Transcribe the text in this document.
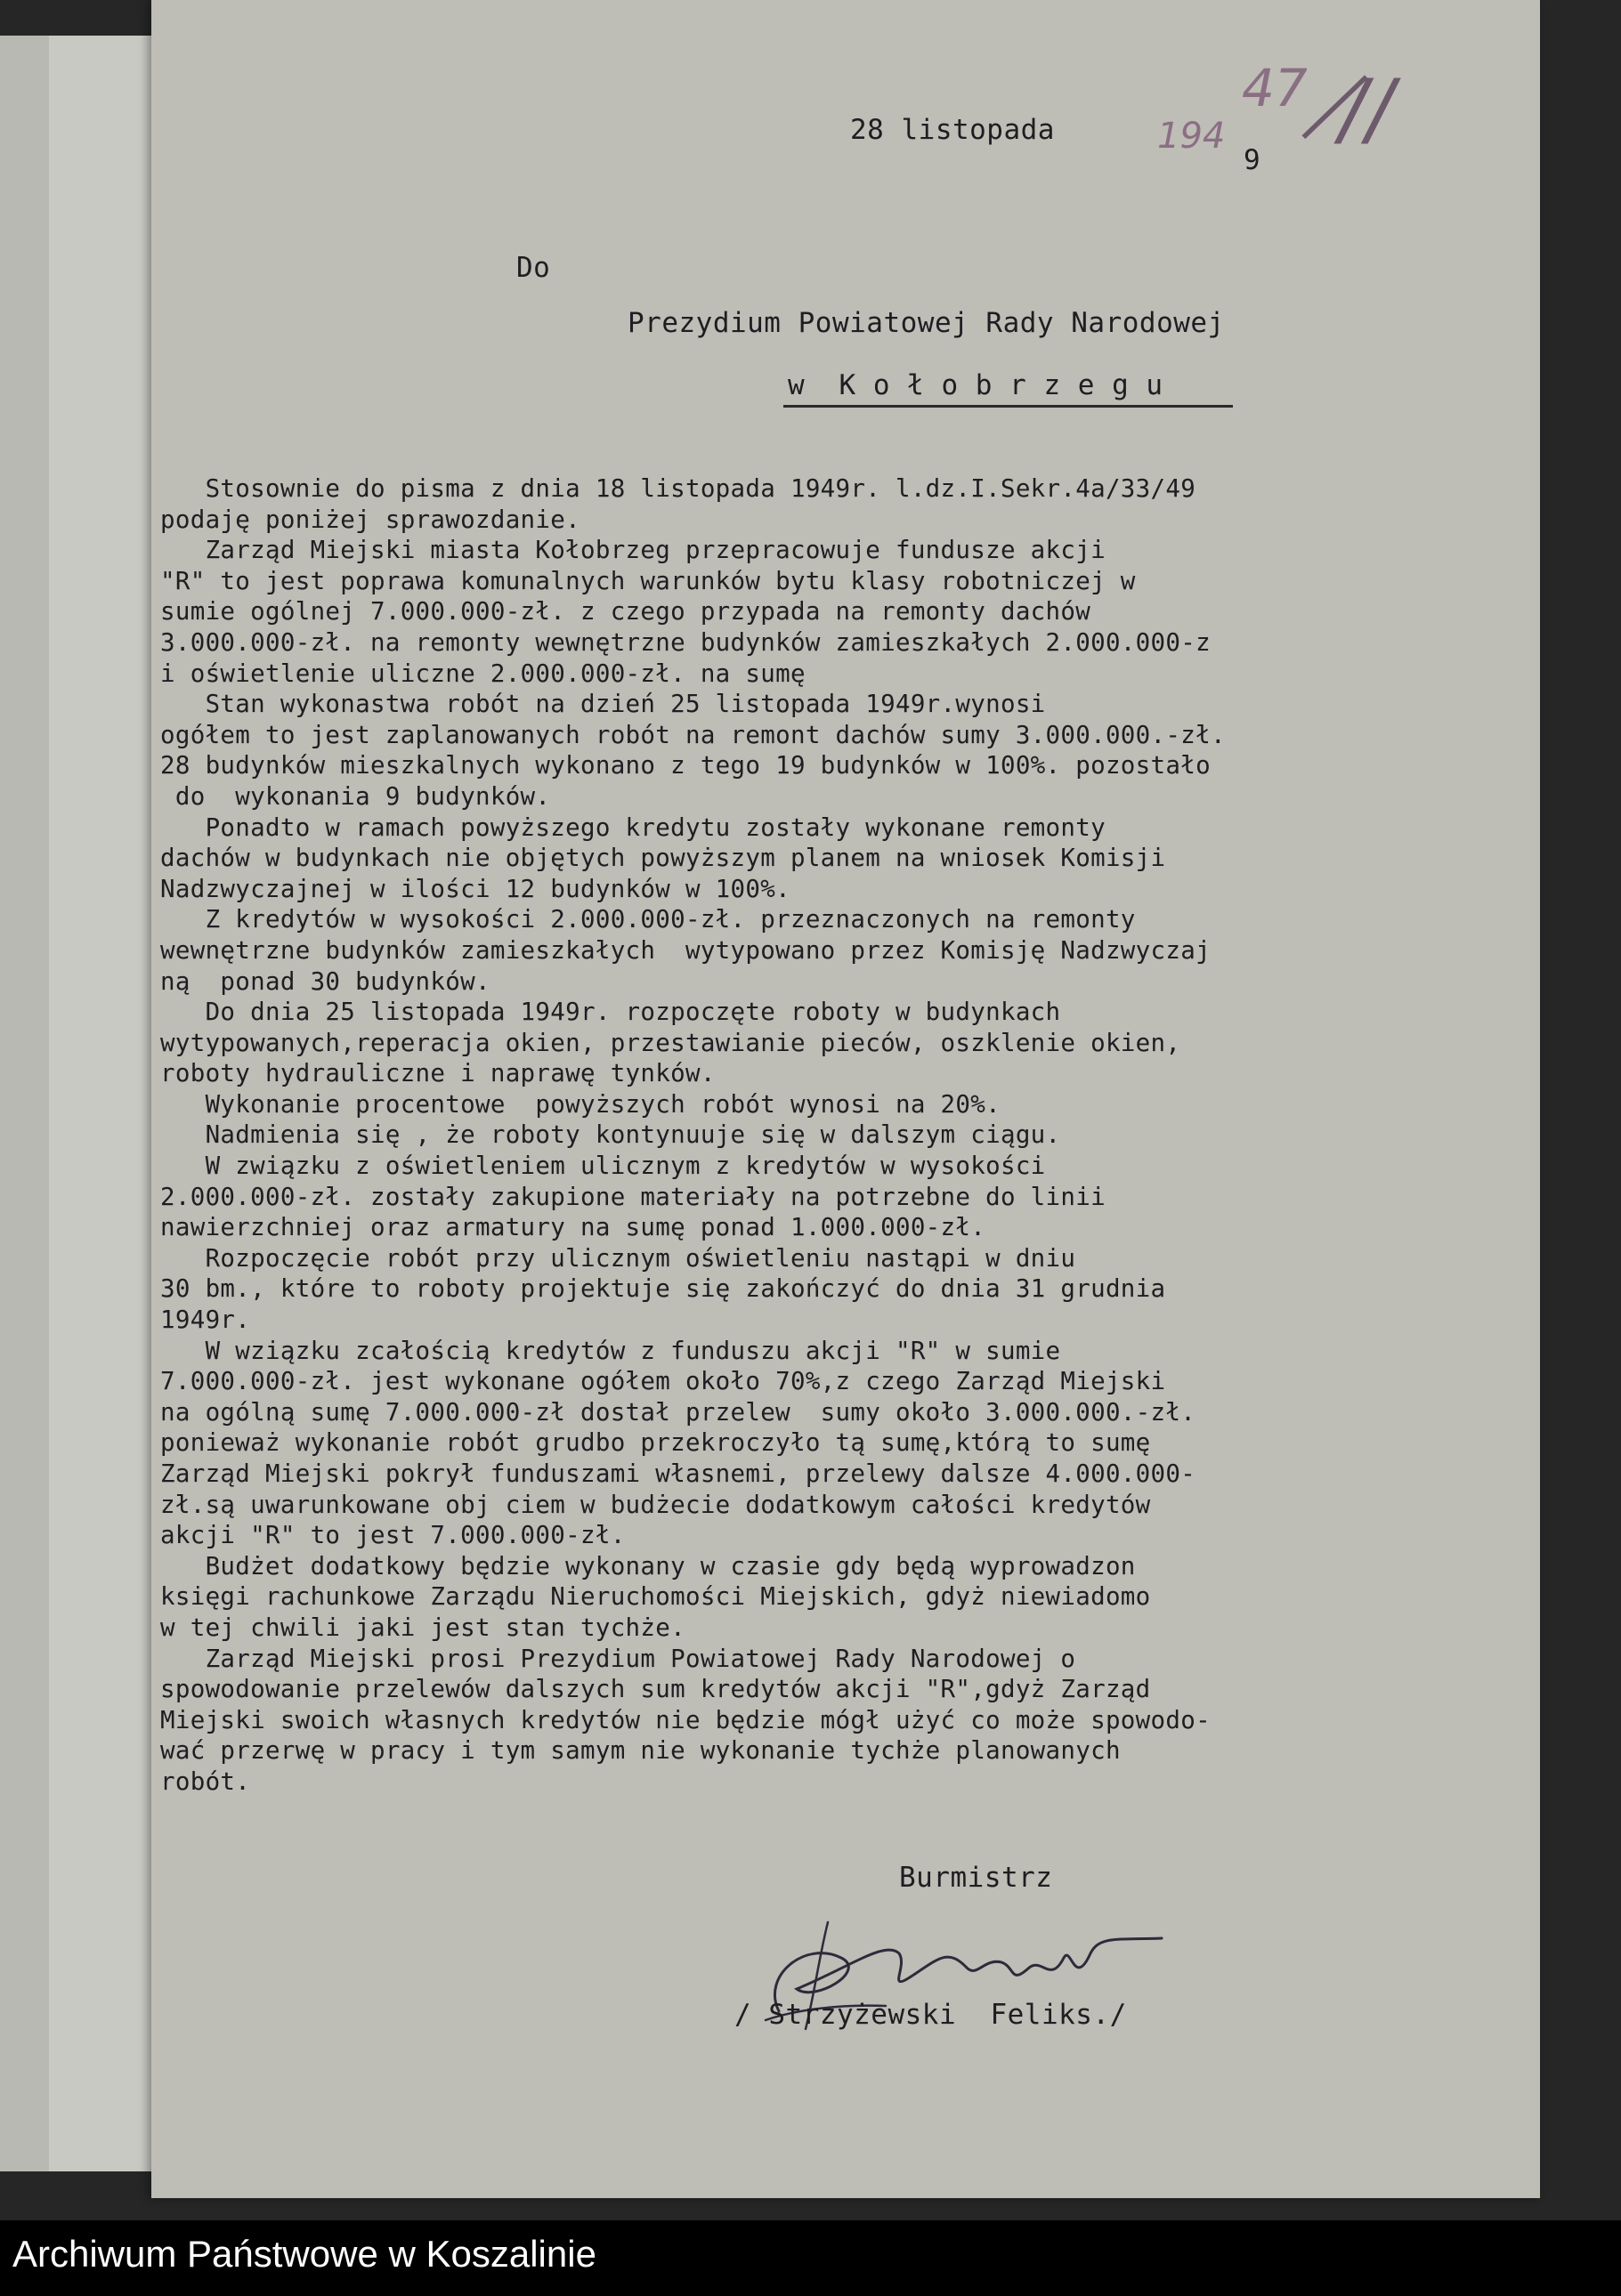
47 /̸/
28 listopada	194
9
Do
Prezydium Powiatowej Rady Narodowej
w  K o ł o b r z e g u
Stosownie do pisma z dnia 18 listopada 1949r. l.dz.I.Sekr.4a/33/49
podaję poniżej sprawozdanie.
Zarząd Miejski miasta Kołobrzeg przepracowuje fundusze akcji
"R" to jest poprawa komunalnych warunków bytu klasy robotniczej w
sumie ogólnej 7.000.000-zł. z czego przypada na remonty dachów
3.000.000-zł. na remonty wewnętrzne budynków zamieszkałych 2.000.000-z
i oświetlenie uliczne 2.000.000-zł. na sumę
Stan wykonastwa robót na dzień 25 listopada 1949r.wynosi
ogółem to jest zaplanowanych robót na remont dachów sumy 3.000.000.-zł.
28 budynków mieszkalnych wykonano z tego 19 budynków w 100%. pozostało
do  wykonania 9 budynków.
Ponadto w ramach powyższego kredytu zostały wykonane remonty
dachów w budynkach nie objętych powyższym planem na wniosek Komisji
Nadzwyczajnej w ilości 12 budynków w 100%.
Z kredytów w wysokości 2.000.000-zł. przeznaczonych na remonty
wewnętrzne budynków zamieszkałych  wytypowano przez Komisję Nadzwyczaj
ną  ponad 30 budynków.
Do dnia 25 listopada 1949r. rozpoczęte roboty w budynkach
wytypowanych,reperacja okien, przestawianie pieców, oszklenie okien,
roboty hydrauliczne i naprawę tynków.
Wykonanie procentowe  powyższych robót wynosi na 20%.
Nadmienia się , że roboty kontynuuje się w dalszym ciągu.
W związku z oświetleniem ulicznym z kredytów w wysokości
2.000.000-zł. zostały zakupione materiały na potrzebne do linii
nawierzchniej oraz armatury na sumę ponad 1.000.000-zł.
Rozpoczęcie robót przy ulicznym oświetleniu nastąpi w dniu
30 bm., które to roboty projektuje się zakończyć do dnia 31 grudnia
1949r.
W wziązku zcałością kredytów z funduszu akcji "R" w sumie
7.000.000-zł. jest wykonane ogółem około 70%,z czego Zarząd Miejski
na ogólną sumę 7.000.000-zł dostał przelew  sumy około 3.000.000.-zł.
ponieważ wykonanie robót grudbo przekroczyło tą sumę,którą to sumę
Zarząd Miejski pokrył funduszami własnemi, przelewy dalsze 4.000.000-
zł.są uwarunkowane obj ciem w budżecie dodatkowym całości kredytów
akcji "R" to jest 7.000.000-zł.
Budżet dodatkowy będzie wykonany w czasie gdy będą wyprowadzon
księgi rachunkowe Zarządu Nieruchomości Miejskich, gdyż niewiadomo
w tej chwili jaki jest stan tychże.
Zarząd Miejski prosi Prezydium Powiatowej Rady Narodowej o
spowodowanie przelewów dalszych sum kredytów akcji "R",gdyż Zarząd
Miejski swoich własnych kredytów nie będzie mógł użyć co może spowodo-
wać przerwę w pracy i tym samym nie wykonanie tychże planowanych
robót.
Burmistrz
/ Strzyżewski  Feliks./
Archiwum Państwowe w Koszalinie
